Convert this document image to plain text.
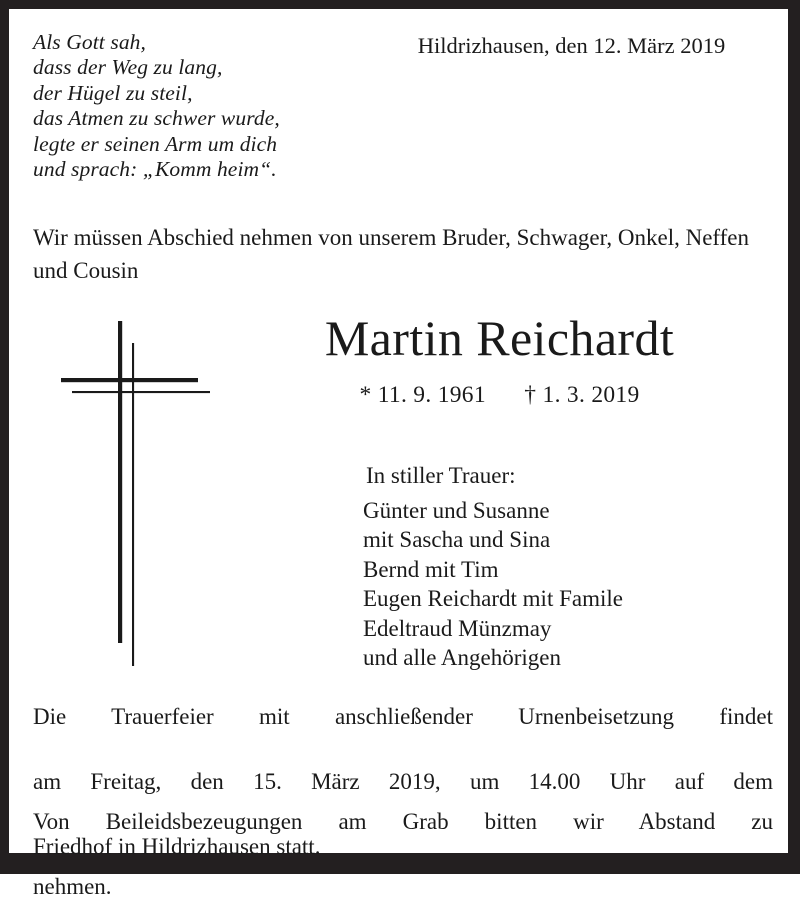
Als Gott sah,
dass der Weg zu lang,
der Hügel zu steil,
das Atmen zu schwer wurde,
legte er seinen Arm um dich
und sprach: „Komm heim“.
Hildrizhausen, den 12. März 2019
Wir müssen Abschied nehmen von unserem Bruder, Schwager, Onkel, Neffen und Cousin
Martin Reichardt
* 11. 9. 1961 † 1. 3. 2019
In stiller Trauer:
Günter und Susanne
mit Sascha und Sina
Bernd mit Tim
Eugen Reichardt mit Famile
Edeltraud Münzmay
und alle Angehörigen
Die Trauerfeier mit anschließender Urnenbeisetzung findet
am Freitag, den 15. März 2019, um 14.00 Uhr auf dem
Friedhof in Hildrizhausen statt.
Von Beileidsbezeugungen am Grab bitten wir Abstand zu
nehmen.
